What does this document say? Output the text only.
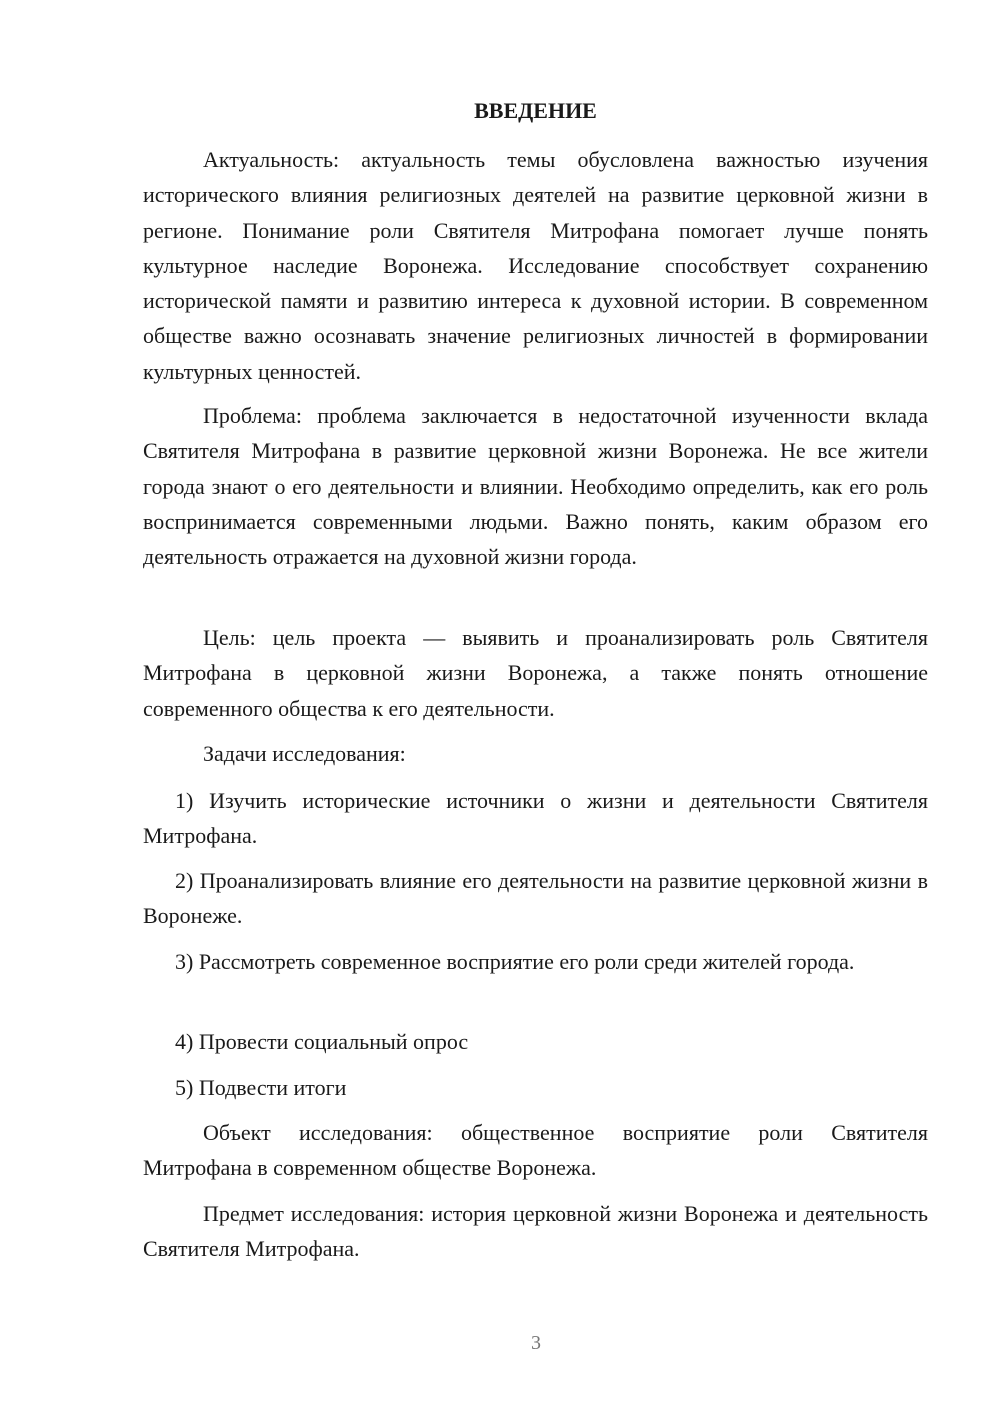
ВВЕДЕНИЕ

Актуальность: актуальность темы обусловлена важностью изучения исторического влияния религиозных деятелей на развитие церковной жизни в регионе. Понимание роли Святителя Митрофана помогает лучше понять культурное наследие Воронежа. Исследование способствует сохранению исторической памяти и развитию интереса к духовной истории. В современном обществе важно осознавать значение религиозных личностей в формировании культурных ценностей.

Проблема: проблема заключается в недостаточной изученности вклада Святителя Митрофана в развитие церковной жизни Воронежа. Не все жители города знают о его деятельности и влиянии. Необходимо определить, как его роль воспринимается современными людьми. Важно понять, каким образом его деятельность отражается на духовной жизни города.

Цель: цель проекта — выявить и проанализировать роль Святителя Митрофана в церковной жизни Воронежа, а также понять отношение современного общества к его деятельности.

Задачи исследования:

1) Изучить исторические источники о жизни и деятельности Святителя Митрофана.

2) Проанализировать влияние его деятельности на развитие церковной жизни в Воронеже.

3) Рассмотреть современное восприятие его роли среди жителей города.

4) Провести социальный опрос

5) Подвести итоги

Объект исследования: общественное восприятие роли Святителя Митрофана в современном обществе Воронежа.

Предмет исследования: история церковной жизни Воронежа и деятельность Святителя Митрофана.

3
